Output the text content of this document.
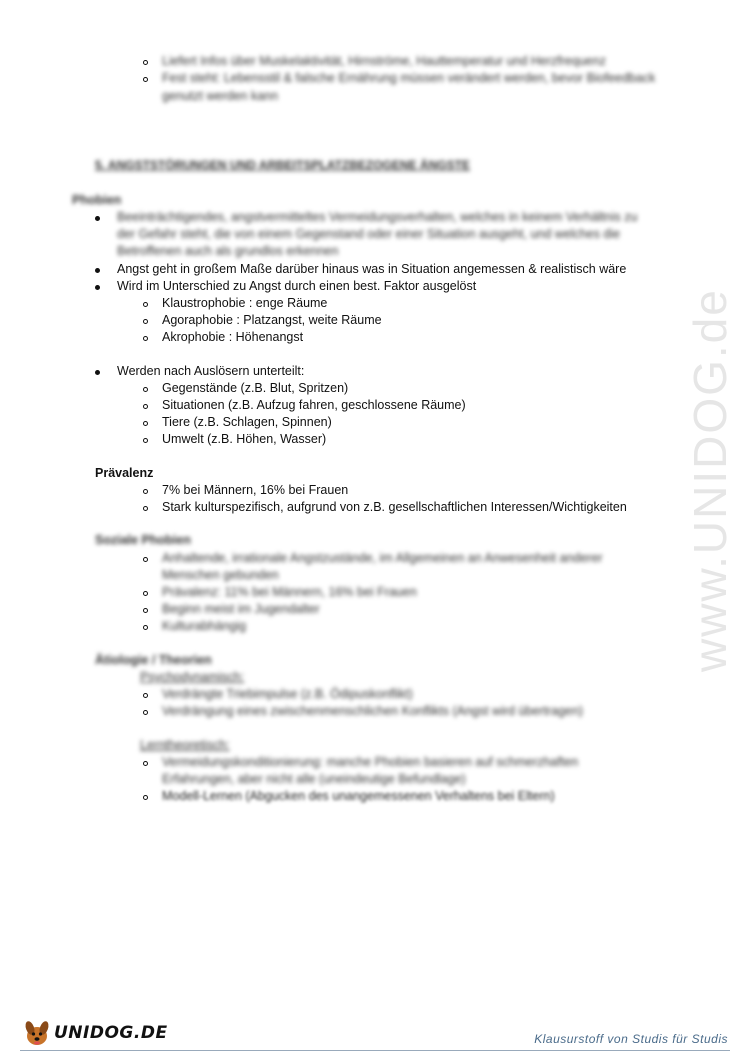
Liefert Infos über Muskelaktivität, Hirnströme, Hauttemperatur und Herzfrequenz
Fest steht: Lebensstil & falsche Ernährung müssen verändert werden, bevor Biofeedback
genutzt werden kann
5. ANGSTSTÖRUNGEN UND ARBEITSPLATZBEZOGENE ÄNGSTE
Phobien
Beeinträchtigendes, angstvermitteltes Vermeidungsverhalten, welches in keinem Verhältnis zu
der Gefahr steht, die von einem Gegenstand oder einer Situation ausgeht, und welches die
Betroffenen auch als grundlos erkennen
Angst geht in großem Maße darüber hinaus was in Situation angemessen & realistisch wäre
Wird im Unterschied zu Angst durch einen best. Faktor ausgelöst
Klaustrophobie : enge Räume
Agoraphobie : Platzangst, weite Räume
Akrophobie : Höhenangst
Werden nach Auslösern unterteilt:
Gegenstände (z.B. Blut, Spritzen)
Situationen (z.B. Aufzug fahren, geschlossene Räume)
Tiere (z.B. Schlagen, Spinnen)
Umwelt (z.B. Höhen, Wasser)
Prävalenz
7% bei Männern, 16% bei Frauen
Stark kulturspezifisch, aufgrund von z.B. gesellschaftlichen Interessen/Wichtigkeiten
Soziale Phobien
Anhaltende, irrationale Angstzustände, im Allgemeinen an Anwesenheit anderer
Menschen gebunden
Prävalenz: 11% bei Männern, 16% bei Frauen
Beginn meist im Jugendalter
Kulturabhängig
Ätiologie / Theorien
Psychodynamisch:
Verdrängte Triebimpulse (z.B. Ödipuskonflikt)
Verdrängung eines zwischenmenschlichen Konflikts (Angst wird übertragen)
Lerntheoretisch:
Vermeidungskonditionierung: manche Phobien basieren auf schmerzhaften
Erfahrungen, aber nicht alle (uneindeutige Befundlage)
Modell-Lernen (Abgucken des unangemessenen Verhaltens bei Eltern)
www.UNIDOG.de
UNIDOG.DE	Klausurstoff von Studis für Studis
